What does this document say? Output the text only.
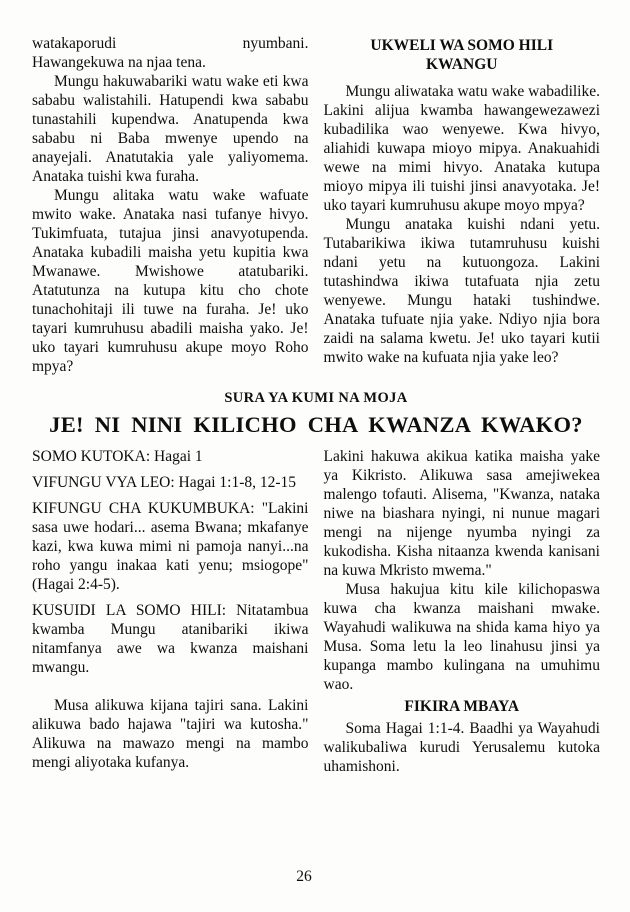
watakaporudi nyumbani.

Hawangekuwa na njaa tena.

Mungu hakuwabariki watu wake eti kwa sababu walistahili. Hatupendi kwa sababu tunastahili kupendwa. Anatupenda kwa sababu ni Baba mwenye upendo na anayejali. Anatutakia yale yaliyomema. Anataka tuishi kwa furaha.

Mungu alitaka watu wake wafuate mwito wake. Anataka nasi tufanye hivyo. Tukimfuata, tutajua jinsi anavyotupenda. Anataka kubadili maisha yetu kupitia kwa Mwanawe. Mwishowe atatubariki. Atatutunza na kutupa kitu cho chote tunachohitaji ili tuwe na furaha. Je! uko tayari kumruhusu abadili maisha yako. Je! uko tayari kumruhusu akupe moyo Roho mpya?

UKWELI WA SOMO HILI
KWANGU

Mungu aliwataka watu wake wabadilike. Lakini alijua kwamba hawangewezawezi kubadilika wao wenyewe. Kwa hivyo, aliahidi kuwapa mioyo mipya. Anakuahidi wewe na mimi hivyo. Anataka kutupa mioyo mipya ili tuishi jinsi anavyotaka. Je! uko tayari kumruhusu akupe moyo mpya?

Mungu anataka kuishi ndani yetu. Tutabarikiwa ikiwa tutamruhusu kuishi ndani yetu na kutuongoza. Lakini tutashindwa ikiwa tutafuata njia zetu wenyewe. Mungu hataki tushindwe. Anataka tufuate njia yake. Ndiyo njia bora zaidi na salama kwetu. Je! uko tayari kutii mwito wake na kufuata njia yake leo?

SURA YA KUMI NA MOJA
JE! NI NINI KILICHO CHA KWANZA KWAKO?

SOMO KUTOKA: Hagai 1

VIFUNGU VYA LEO: Hagai 1:1-8, 12-15

KIFUNGU CHA KUKUMBUKA: "Lakini sasa uwe hodari... asema Bwana; mkafanye kazi, kwa kuwa mimi ni pamoja nanyi...na roho yangu inakaa kati yenu; msiogope" (Hagai 2:4-5).

KUSUIDI LA SOMO HILI: Nitatambua kwamba Mungu atanibariki ikiwa nitamfanya awe wa kwanza maishani mwangu.

Musa alikuwa kijana tajiri sana. Lakini alikuwa bado hajawa "tajiri wa kutosha." Alikuwa na mawazo mengi na mambo mengi aliyotaka kufanya.

Lakini hakuwa akikua katika maisha yake ya Kikristo. Alikuwa sasa amejiwekea malengo tofauti. Alisema, "Kwanza, nataka niwe na biashara nyingi, ni nunue magari mengi na nijenge nyumba nyingi za kukodisha. Kisha nitaanza kwenda kanisani na kuwa Mkristo mwema."

Musa hakujua kitu kile kilichopaswa kuwa cha kwanza maishani mwake. Wayahudi walikuwa na shida kama hiyo ya Musa. Soma letu la leo linahusu jinsi ya kupanga mambo kulingana na umuhimu wao.

FIKIRA MBAYA

Soma Hagai 1:1-4. Baadhi ya Wayahudi walikubaliwa kurudi Yerusalemu kutoka uhamishoni.

26
